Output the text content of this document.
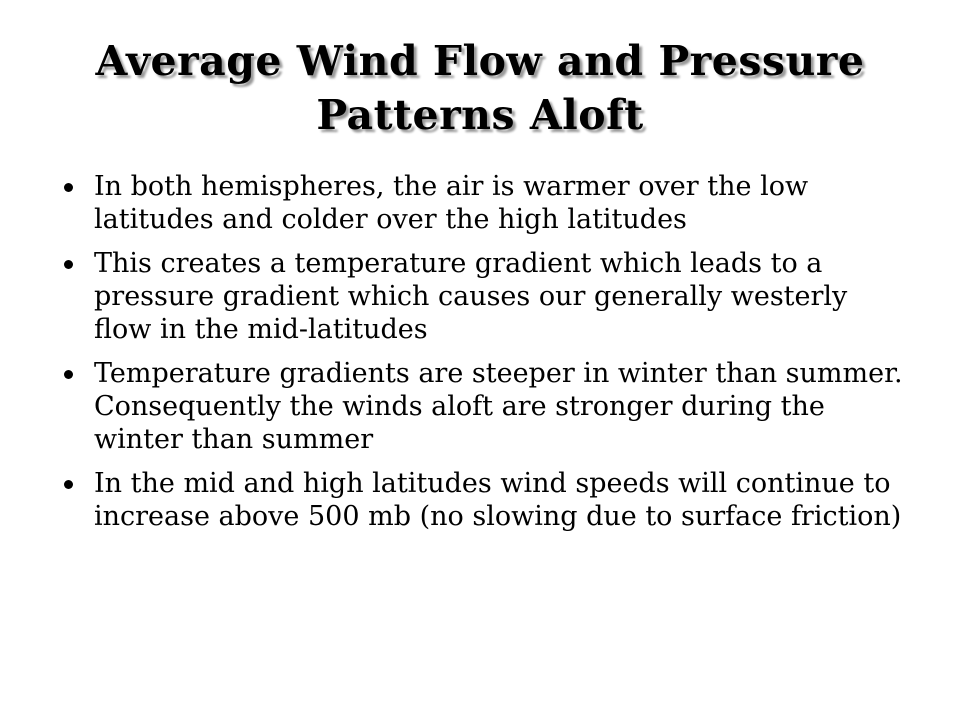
Average Wind Flow and Pressure
Patterns Aloft
In both hemispheres, the air is warmer over the low latitudes and colder over the high latitudes
This creates a temperature gradient which leads to a pressure gradient which causes our generally westerly flow in the mid-latitudes
Temperature gradients are steeper in winter than summer. Consequently the winds aloft are stronger during the winter than summer
In the mid and high latitudes wind speeds will continue to increase above 500 mb (no slowing due to surface friction)
